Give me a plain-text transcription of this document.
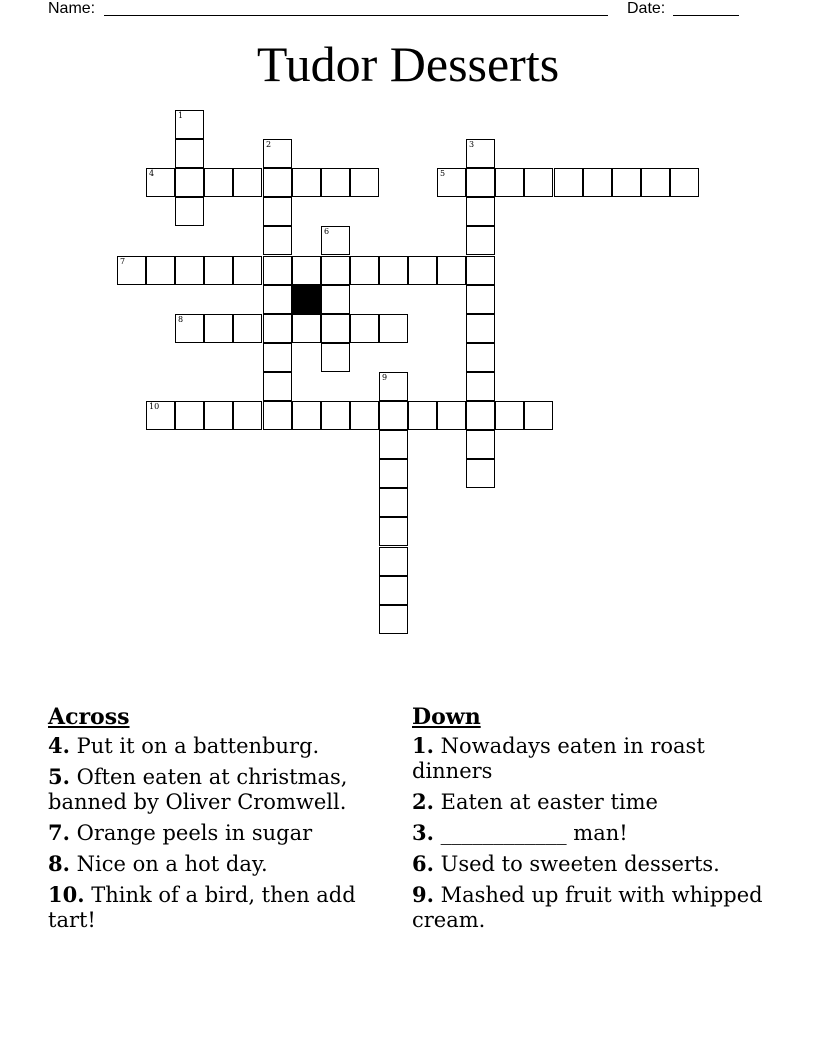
Name:	Date:
Tudor Desserts
1
2	3
4	5
6
7
8
9
10
Across
4. Put it on a battenburg.
5. Often eaten at christmas, banned by Oliver Cromwell.
7. Orange peels in sugar
8. Nice on a hot day.
10. Think of a bird, then add tart!
Down
1. Nowadays eaten in roast dinners
2. Eaten at easter time
3. ____________ man!
6. Used to sweeten desserts.
9. Mashed up fruit with whipped cream.
